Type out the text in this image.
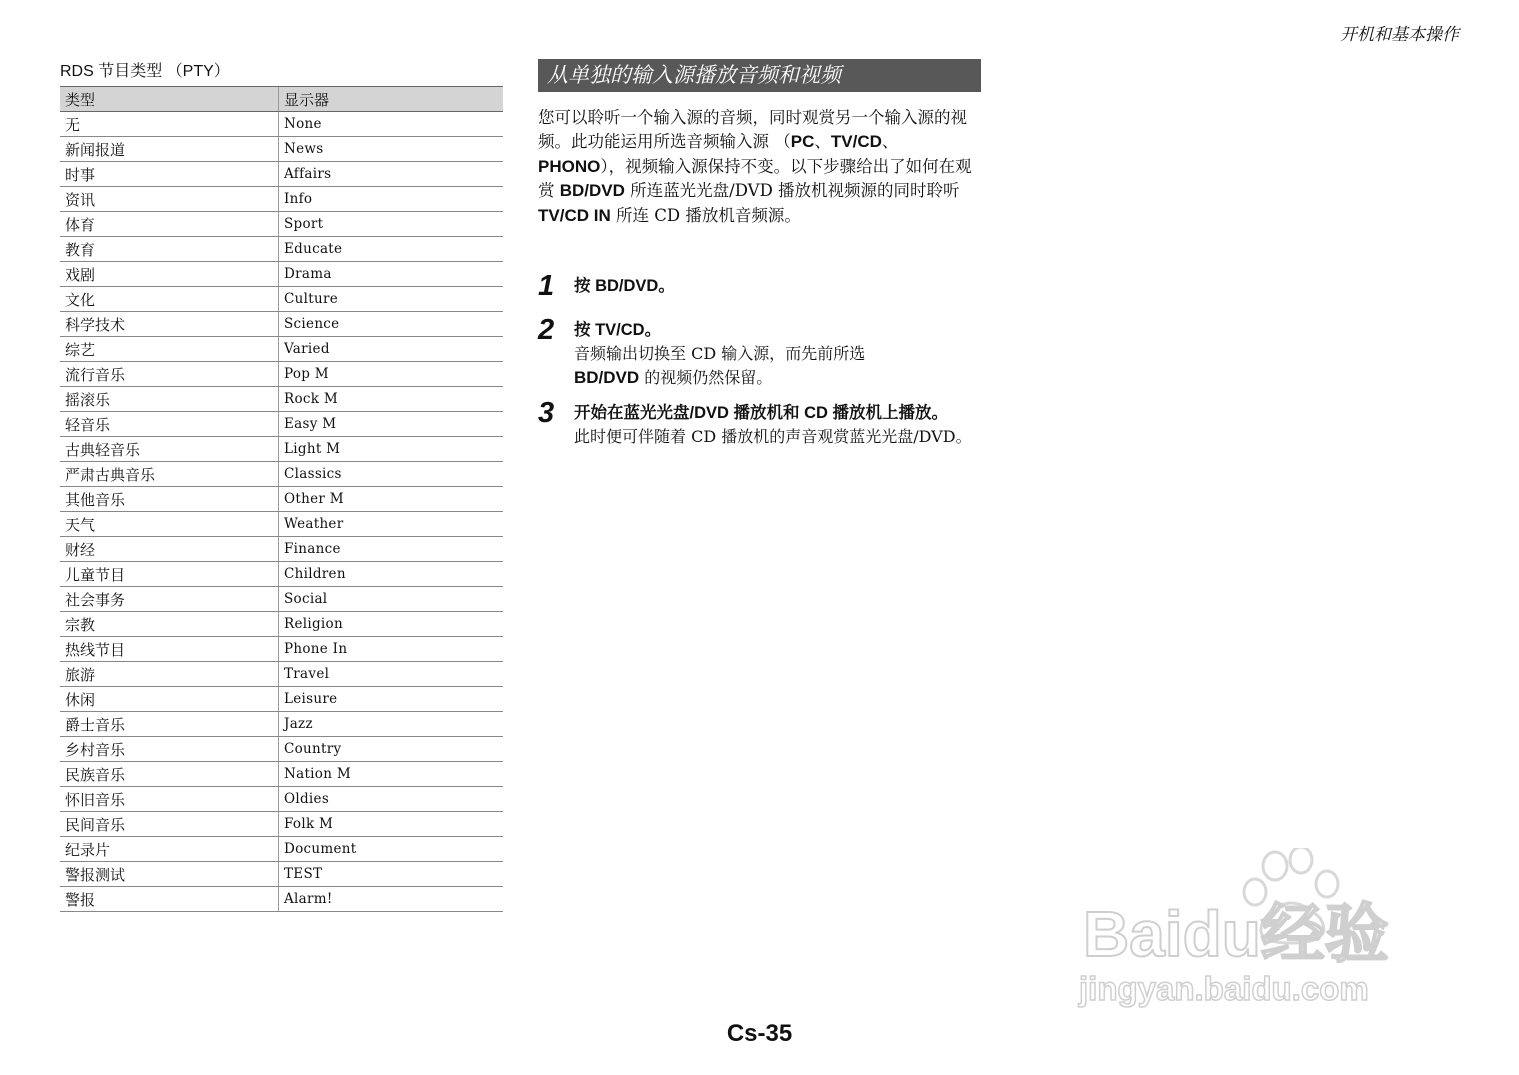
开机和基本操作
RDS 节目类型 （PTY）
类型	显示器
无	None
新闻报道	News
时事	Affairs
资讯	Info
体育	Sport
教育	Educate
戏剧	Drama
文化	Culture
科学技术	Science
综艺	Varied
流行音乐	Pop M
摇滚乐	Rock M
轻音乐	Easy M
古典轻音乐	Light M
严肃古典音乐	Classics
其他音乐	Other M
天气	Weather
财经	Finance
儿童节目	Children
社会事务	Social
宗教	Religion
热线节目	Phone In
旅游	Travel
休闲	Leisure
爵士音乐	Jazz
乡村音乐	Country
民族音乐	Nation M
怀旧音乐	Oldies
民间音乐	Folk M
纪录片	Document
警报测试	TEST
警报	Alarm!
从单独的输入源播放音频和视频
您可以聆听一个输入源的音频，同时观赏另一个输入源的视频。此功能运用所选音频输入源 （PC、TV/CD、 PHONO），视频输入源保持不变。以下步骤给出了如何在观赏 BD/DVD 所连蓝光光盘/DVD 播放机视频源的同时聆听 TV/CD IN 所连 CD 播放机音频源。
1 按 BD/DVD。
2 按 TV/CD。
音频输出切换至 CD 输入源，而先前所选
BD/DVD 的视频仍然保留。
3 开始在蓝光光盘/DVD 播放机和 CD 播放机上播放。
此时便可伴随着 CD 播放机的声音观赏蓝光光盘/DVD。
Cs-35
Baidu经验
jingyan.baidu.com
